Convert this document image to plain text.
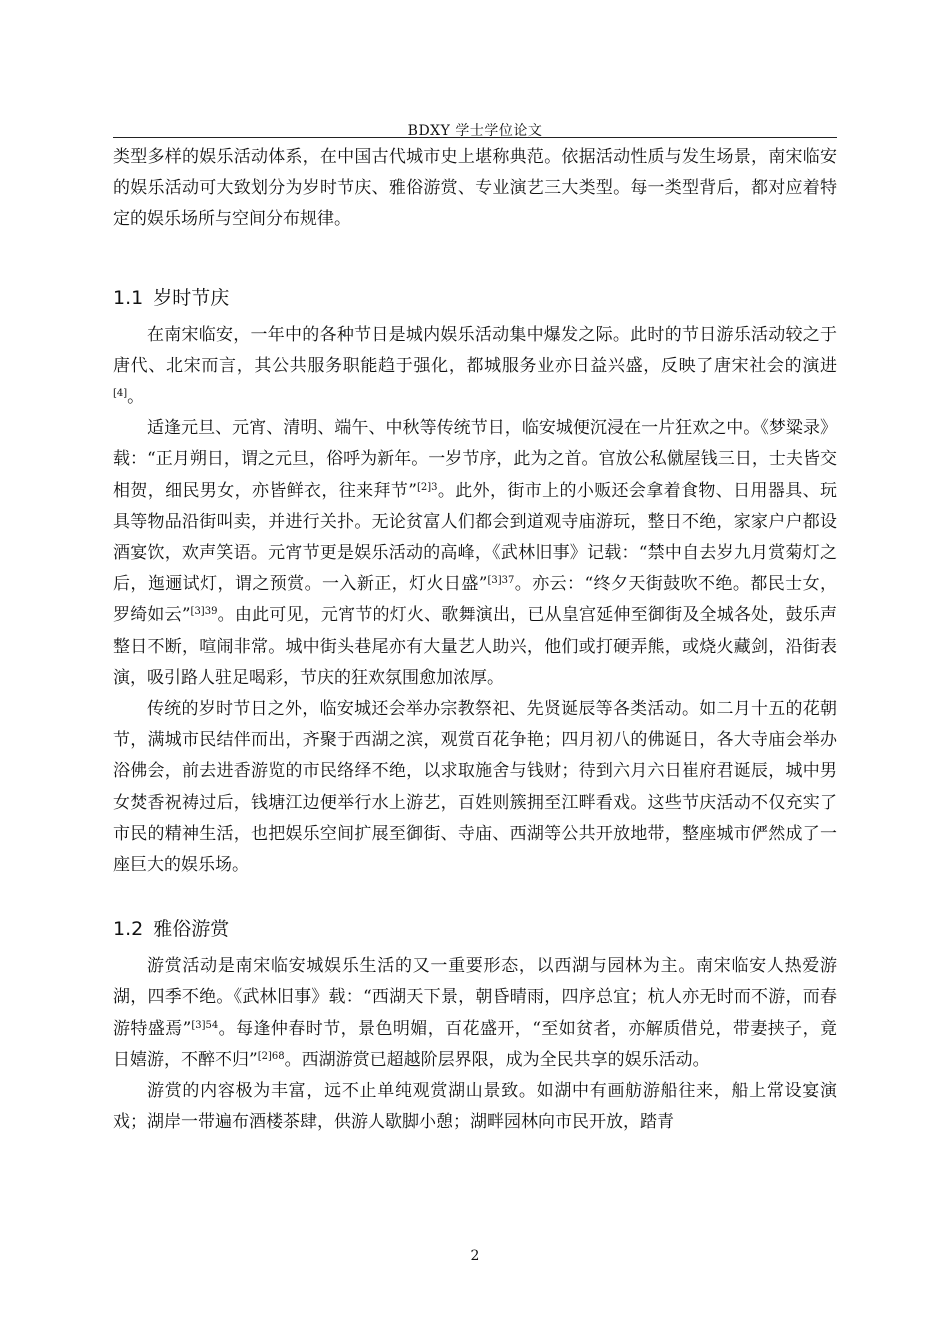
BDXY 学士学位论文

类型多样的娱乐活动体系，在中国古代城市史上堪称典范。依据活动性质与发生场景，南宋临安的娱乐活动可大致划分为岁时节庆、雅俗游赏、专业演艺三大类型。每一类型背后，都对应着特定的娱乐场所与空间分布规律。

1.1 岁时节庆

在南宋临安，一年中的各种节日是城内娱乐活动集中爆发之际。此时的节日游乐活动较之于唐代、北宋而言，其公共服务职能趋于强化，都城服务业亦日益兴盛，反映了唐宋社会的演进[4]。

适逢元旦、元宵、清明、端午、中秋等传统节日，临安城便沉浸在一片狂欢之中。《梦粱录》载：“正月朔日，谓之元旦，俗呼为新年。一岁节序，此为之首。官放公私僦屋钱三日，士夫皆交相贺，细民男女，亦皆鲜衣，往来拜节”$^{[2]3}$。此外，街市上的小贩还会拿着食物、日用器具、玩具等物品沿街叫卖，并进行关扑。无论贫富人们都会到道观寺庙游玩，整日不绝，家家户户都设酒宴饮，欢声笑语。元宵节更是娱乐活动的高峰，《武林旧事》记载：“禁中自去岁九月赏菊灯之后，迤逦试灯，谓之预赏。一入新正，灯火日盛”$^{[3]37}$。亦云：“终夕天街鼓吹不绝。都民士女，罗绮如云”$^{[3]39}$。由此可见，元宵节的灯火、歌舞演出，已从皇宫延伸至御街及全城各处，鼓乐声整日不断，喧闹非常。城中街头巷尾亦有大量艺人助兴，他们或打硬弄熊，或烧火藏剑，沿街表演，吸引路人驻足喝彩，节庆的狂欢氛围愈加浓厚。

传统的岁时节日之外，临安城还会举办宗教祭祀、先贤诞辰等各类活动。如二月十五的花朝节，满城市民结伴而出，齐聚于西湖之滨，观赏百花争艳；四月初八的佛诞日，各大寺庙会举办浴佛会，前去进香游览的市民络绎不绝，以求取施舍与钱财；待到六月六日崔府君诞辰，城中男女焚香祝祷过后，钱塘江边便举行水上游艺，百姓则簇拥至江畔看戏。这些节庆活动不仅充实了市民的精神生活，也把娱乐空间扩展至御街、寺庙、西湖等公共开放地带，整座城市俨然成了一座巨大的娱乐场。

1.2 雅俗游赏

游赏活动是南宋临安城娱乐生活的又一重要形态，以西湖与园林为主。南宋临安人热爱游湖，四季不绝。《武林旧事》载：“西湖天下景，朝昏晴雨，四序总宜；杭人亦无时而不游，而春游特盛焉”$^{[3]54}$。每逢仲春时节，景色明媚，百花盛开，“至如贫者，亦解质借兑，带妻挟子，竟日嬉游，不醉不归”$^{[2]68}$。西湖游赏已超越阶层界限，成为全民共享的娱乐活动。

游赏的内容极为丰富，远不止单纯观赏湖山景致。如湖中有画舫游船往来，船上常设宴演戏；湖岸一带遍布酒楼茶肆，供游人歇脚小憩；湖畔园林向市民开放，踏青

2
